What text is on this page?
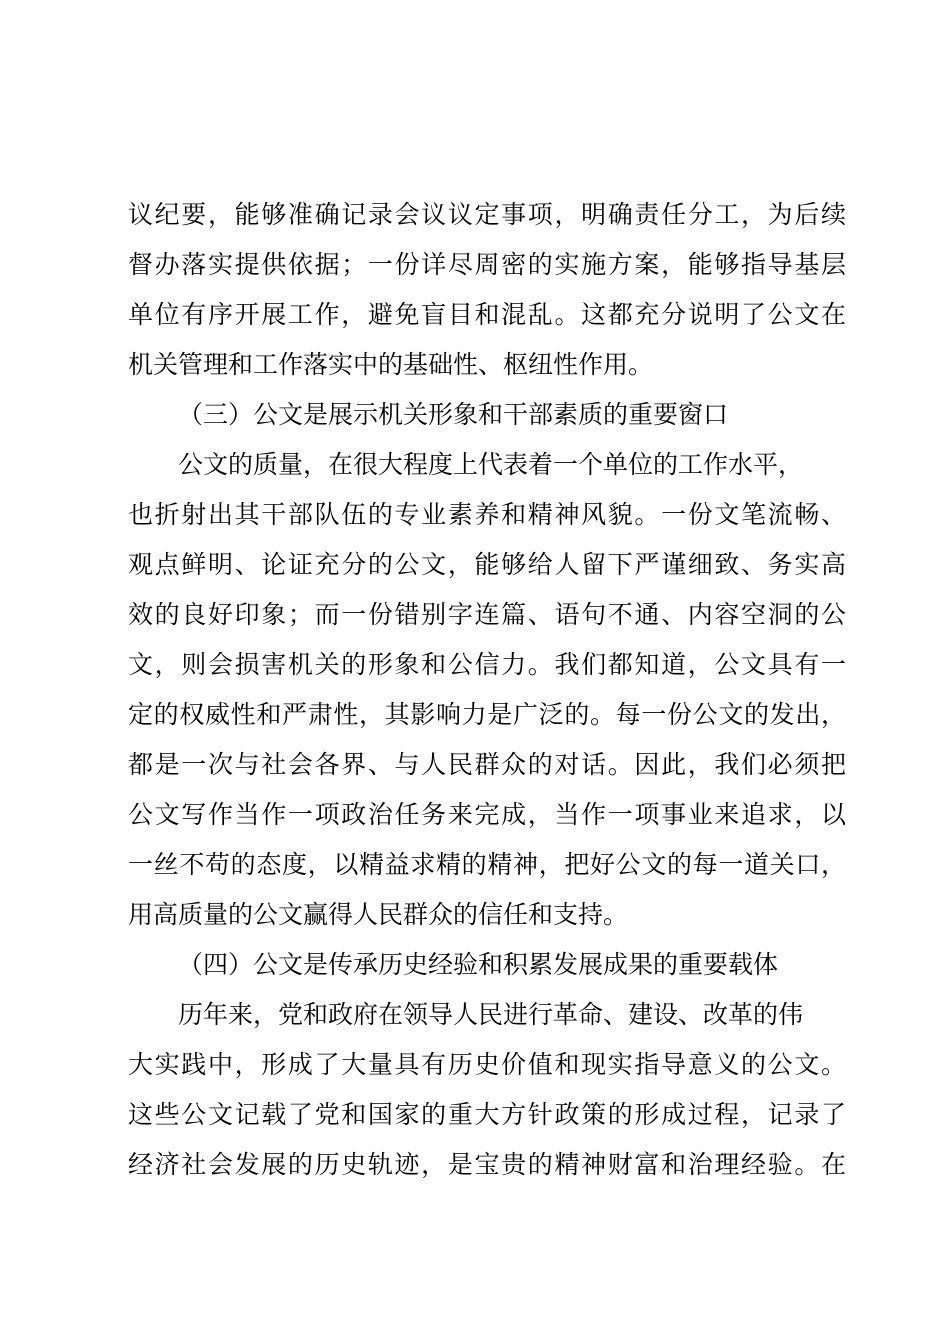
议纪要，能够准确记录会议议定事项，明确责任分工，为后续
督办落实提供依据；一份详尽周密的实施方案，能够指导基层
单位有序开展工作，避免盲目和混乱。这都充分说明了公文在
机关管理和工作落实中的基础性、枢纽性作用。
（三）公文是展示机关形象和干部素质的重要窗口
公文的质量，在很大程度上代表着一个单位的工作水平，
也折射出其干部队伍的专业素养和精神风貌。一份文笔流畅、
观点鲜明、论证充分的公文，能够给人留下严谨细致、务实高
效的良好印象；而一份错别字连篇、语句不通、内容空洞的公
文，则会损害机关的形象和公信力。我们都知道，公文具有一
定的权威性和严肃性，其影响力是广泛的。每一份公文的发出，
都是一次与社会各界、与人民群众的对话。因此，我们必须把
公文写作当作一项政治任务来完成，当作一项事业来追求，以
一丝不苟的态度，以精益求精的精神，把好公文的每一道关口，
用高质量的公文赢得人民群众的信任和支持。
（四）公文是传承历史经验和积累发展成果的重要载体
历年来，党和政府在领导人民进行革命、建设、改革的伟
大实践中，形成了大量具有历史价值和现实指导意义的公文。
这些公文记载了党和国家的重大方针政策的形成过程，记录了
经济社会发展的历史轨迹，是宝贵的精神财富和治理经验。在
